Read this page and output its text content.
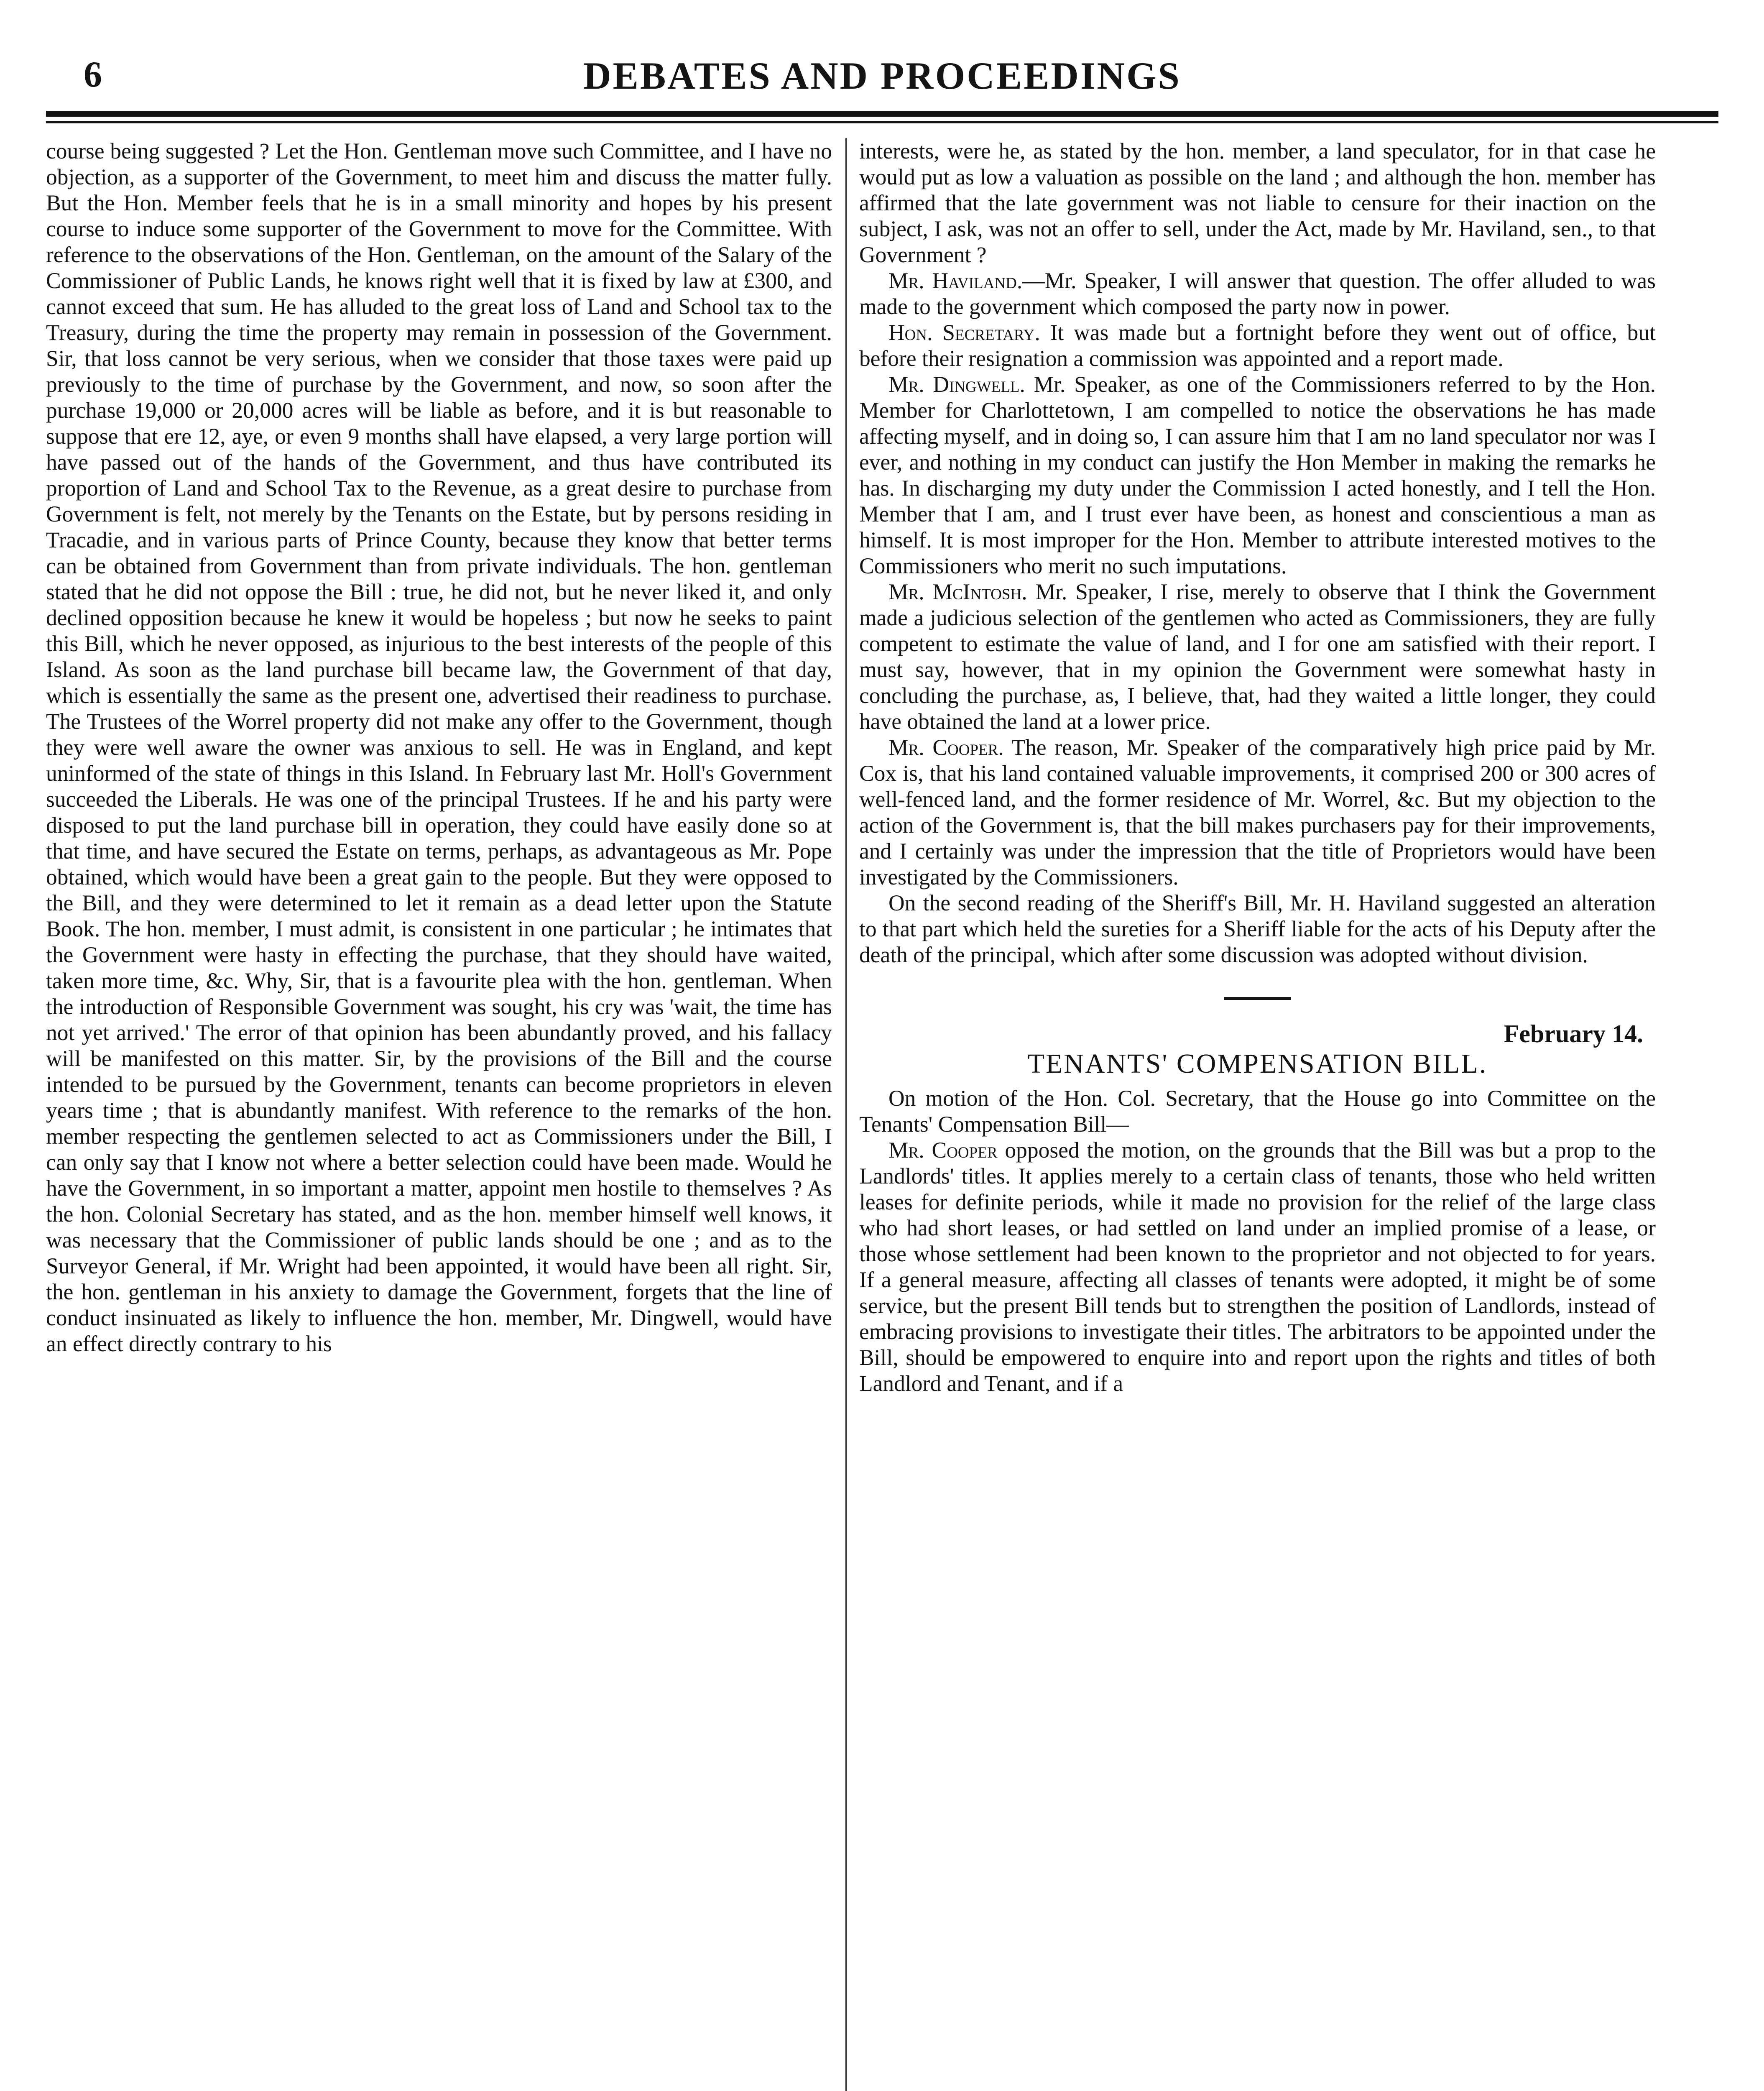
6	DEBATES AND PROCEEDINGS

course being suggested ? Let the Hon. Gentleman move such Committee, and I have no objection, as a supporter of the Government, to meet him and discuss the matter fully. But the Hon. Member feels that he is in a small minority and hopes by his present course to induce some supporter of the Government to move for the Committee. With reference to the observations of the Hon. Gentleman, on the amount of the Salary of the Commissioner of Public Lands, he knows right well that it is fixed by law at £300, and cannot exceed that sum. He has alluded to the great loss of Land and School tax to the Treasury, during the time the property may remain in possession of the Government. Sir, that loss cannot be very serious, when we consider that those taxes were paid up previously to the time of purchase by the Government, and now, so soon after the purchase 19,000 or 20,000 acres will be liable as before, and it is but reasonable to suppose that ere 12, aye, or even 9 months shall have elapsed, a very large portion will have passed out of the hands of the Government, and thus have contributed its proportion of Land and School Tax to the Revenue, as a great desire to purchase from Government is felt, not merely by the Tenants on the Estate, but by persons residing in Tracadie, and in various parts of Prince County, because they know that better terms can be obtained from Government than from private individuals. The hon. gentleman stated that he did not oppose the Bill : true, he did not, but he never liked it, and only declined opposition because he knew it would be hopeless ; but now he seeks to paint this Bill, which he never opposed, as injurious to the best interests of the people of this Island. As soon as the land purchase bill became law, the Government of that day, which is essentially the same as the present one, advertised their readiness to purchase. The Trustees of the Worrel property did not make any offer to the Government, though they were well aware the owner was anxious to sell. He was in England, and kept uninformed of the state of things in this Island. In February last Mr. Holl's Government succeeded the Liberals. He was one of the principal Trustees. If he and his party were disposed to put the land purchase bill in operation, they could have easily done so at that time, and have secured the Estate on terms, perhaps, as advantageous as Mr. Pope obtained, which would have been a great gain to the people. But they were opposed to the Bill, and they were determined to let it remain as a dead letter upon the Statute Book. The hon. member, I must admit, is consistent in one particular ; he intimates that the Government were hasty in effecting the purchase, that they should have waited, taken more time, &c. Why, Sir, that is a favourite plea with the hon. gentleman. When the introduction of Responsible Government was sought, his cry was 'wait, the time has not yet arrived.' The error of that opinion has been abundantly proved, and his fallacy will be manifested on this matter. Sir, by the provisions of the Bill and the course intended to be pursued by the Government, tenants can become proprietors in eleven years time ; that is abundantly manifest. With reference to the remarks of the hon. member respecting the gentlemen selected to act as Commissioners under the Bill, I can only say that I know not where a better selection could have been made. Would he have the Government, in so important a matter, appoint men hostile to themselves ? As the hon. Colonial Secretary has stated, and as the hon. member himself well knows, it was necessary that the Commissioner of public lands should be one ; and as to the Surveyor General, if Mr. Wright had been appointed, it would have been all right. Sir, the hon. gentleman in his anxiety to damage the Government, forgets that the line of conduct insinuated as likely to influence the hon. member, Mr. Dingwell, would have an effect directly contrary to his

interests, were he, as stated by the hon. member, a land speculator, for in that case he would put as low a valuation as possible on the land ; and although the hon. member has affirmed that the late government was not liable to censure for their inaction on the subject, I ask, was not an offer to sell, under the Act, made by Mr. Haviland, sen., to that Government ?

Mr. Haviland.—Mr. Speaker, I will answer that question. The offer alluded to was made to the government which composed the party now in power.

Hon. Secretary. It was made but a fortnight before they went out of office, but before their resignation a commission was appointed and a report made.

Mr. Dingwell. Mr. Speaker, as one of the Commissioners referred to by the Hon. Member for Charlottetown, I am compelled to notice the observations he has made affecting myself, and in doing so, I can assure him that I am no land speculator nor was I ever, and nothing in my conduct can justify the Hon Member in making the remarks he has. In discharging my duty under the Commission I acted honestly, and I tell the Hon. Member that I am, and I trust ever have been, as honest and conscientious a man as himself. It is most improper for the Hon. Member to attribute interested motives to the Commissioners who merit no such imputations.

Mr. McIntosh. Mr. Speaker, I rise, merely to observe that I think the Government made a judicious selection of the gentlemen who acted as Commissioners, they are fully competent to estimate the value of land, and I for one am satisfied with their report. I must say, however, that in my opinion the Government were somewhat hasty in concluding the purchase, as, I believe, that, had they waited a little longer, they could have obtained the land at a lower price.

Mr. Cooper. The reason, Mr. Speaker of the comparatively high price paid by Mr. Cox is, that his land contained valuable improvements, it comprised 200 or 300 acres of well-fenced land, and the former residence of Mr. Worrel, &c. But my objection to the action of the Government is, that the bill makes purchasers pay for their improvements, and I certainly was under the impression that the title of Proprietors would have been investigated by the Commissioners.

On the second reading of the Sheriff's Bill, Mr. H. Haviland suggested an alteration to that part which held the sureties for a Sheriff liable for the acts of his Deputy after the death of the principal, which after some discussion was adopted without division.

February 14.
TENANTS' COMPENSATION BILL.

On motion of the Hon. Col. Secretary, that the House go into Committee on the Tenants' Compensation Bill—

Mr. Cooper opposed the motion, on the grounds that the Bill was but a prop to the Landlords' titles. It applies merely to a certain class of tenants, those who held written leases for definite periods, while it made no provision for the relief of the large class who had short leases, or had settled on land under an implied promise of a lease, or those whose settlement had been known to the proprietor and not objected to for years. If a general measure, affecting all classes of tenants were adopted, it might be of some service, but the present Bill tends but to strengthen the position of Landlords, instead of embracing provisions to investigate their titles. The arbitrators to be appointed under the Bill, should be empowered to enquire into and report upon the rights and titles of both Landlord and Tenant, and if a
